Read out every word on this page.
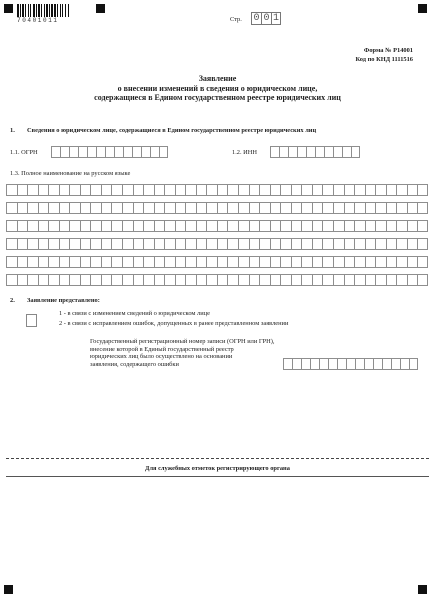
70401011	Стр. 0 0 1
Форма № Р14001
Код по КНД 1111516
Заявление
о внесении изменений в сведения о юридическом лице,
содержащиеся в Едином государственном реестре юридических лиц
1. Сведения о юридическом лице, содержащиеся в Едином государственном реестре юридических лиц
1.1. ОГРН	1.2. ИНН
1.3. Полное наименование на русском языке
2. Заявление представлено:
1 - в связи с изменением сведений о юридическом лице
2 - в связи с исправлением ошибок, допущенных в ранее представленном заявлении
Государственный регистрационный номер записи (ОГРН или ГРН),
внесение которой в Единый государственный реестр
юридических лиц было осуществлено на основании
заявления, содержащего ошибки
Для служебных отметок регистрирующего органа
